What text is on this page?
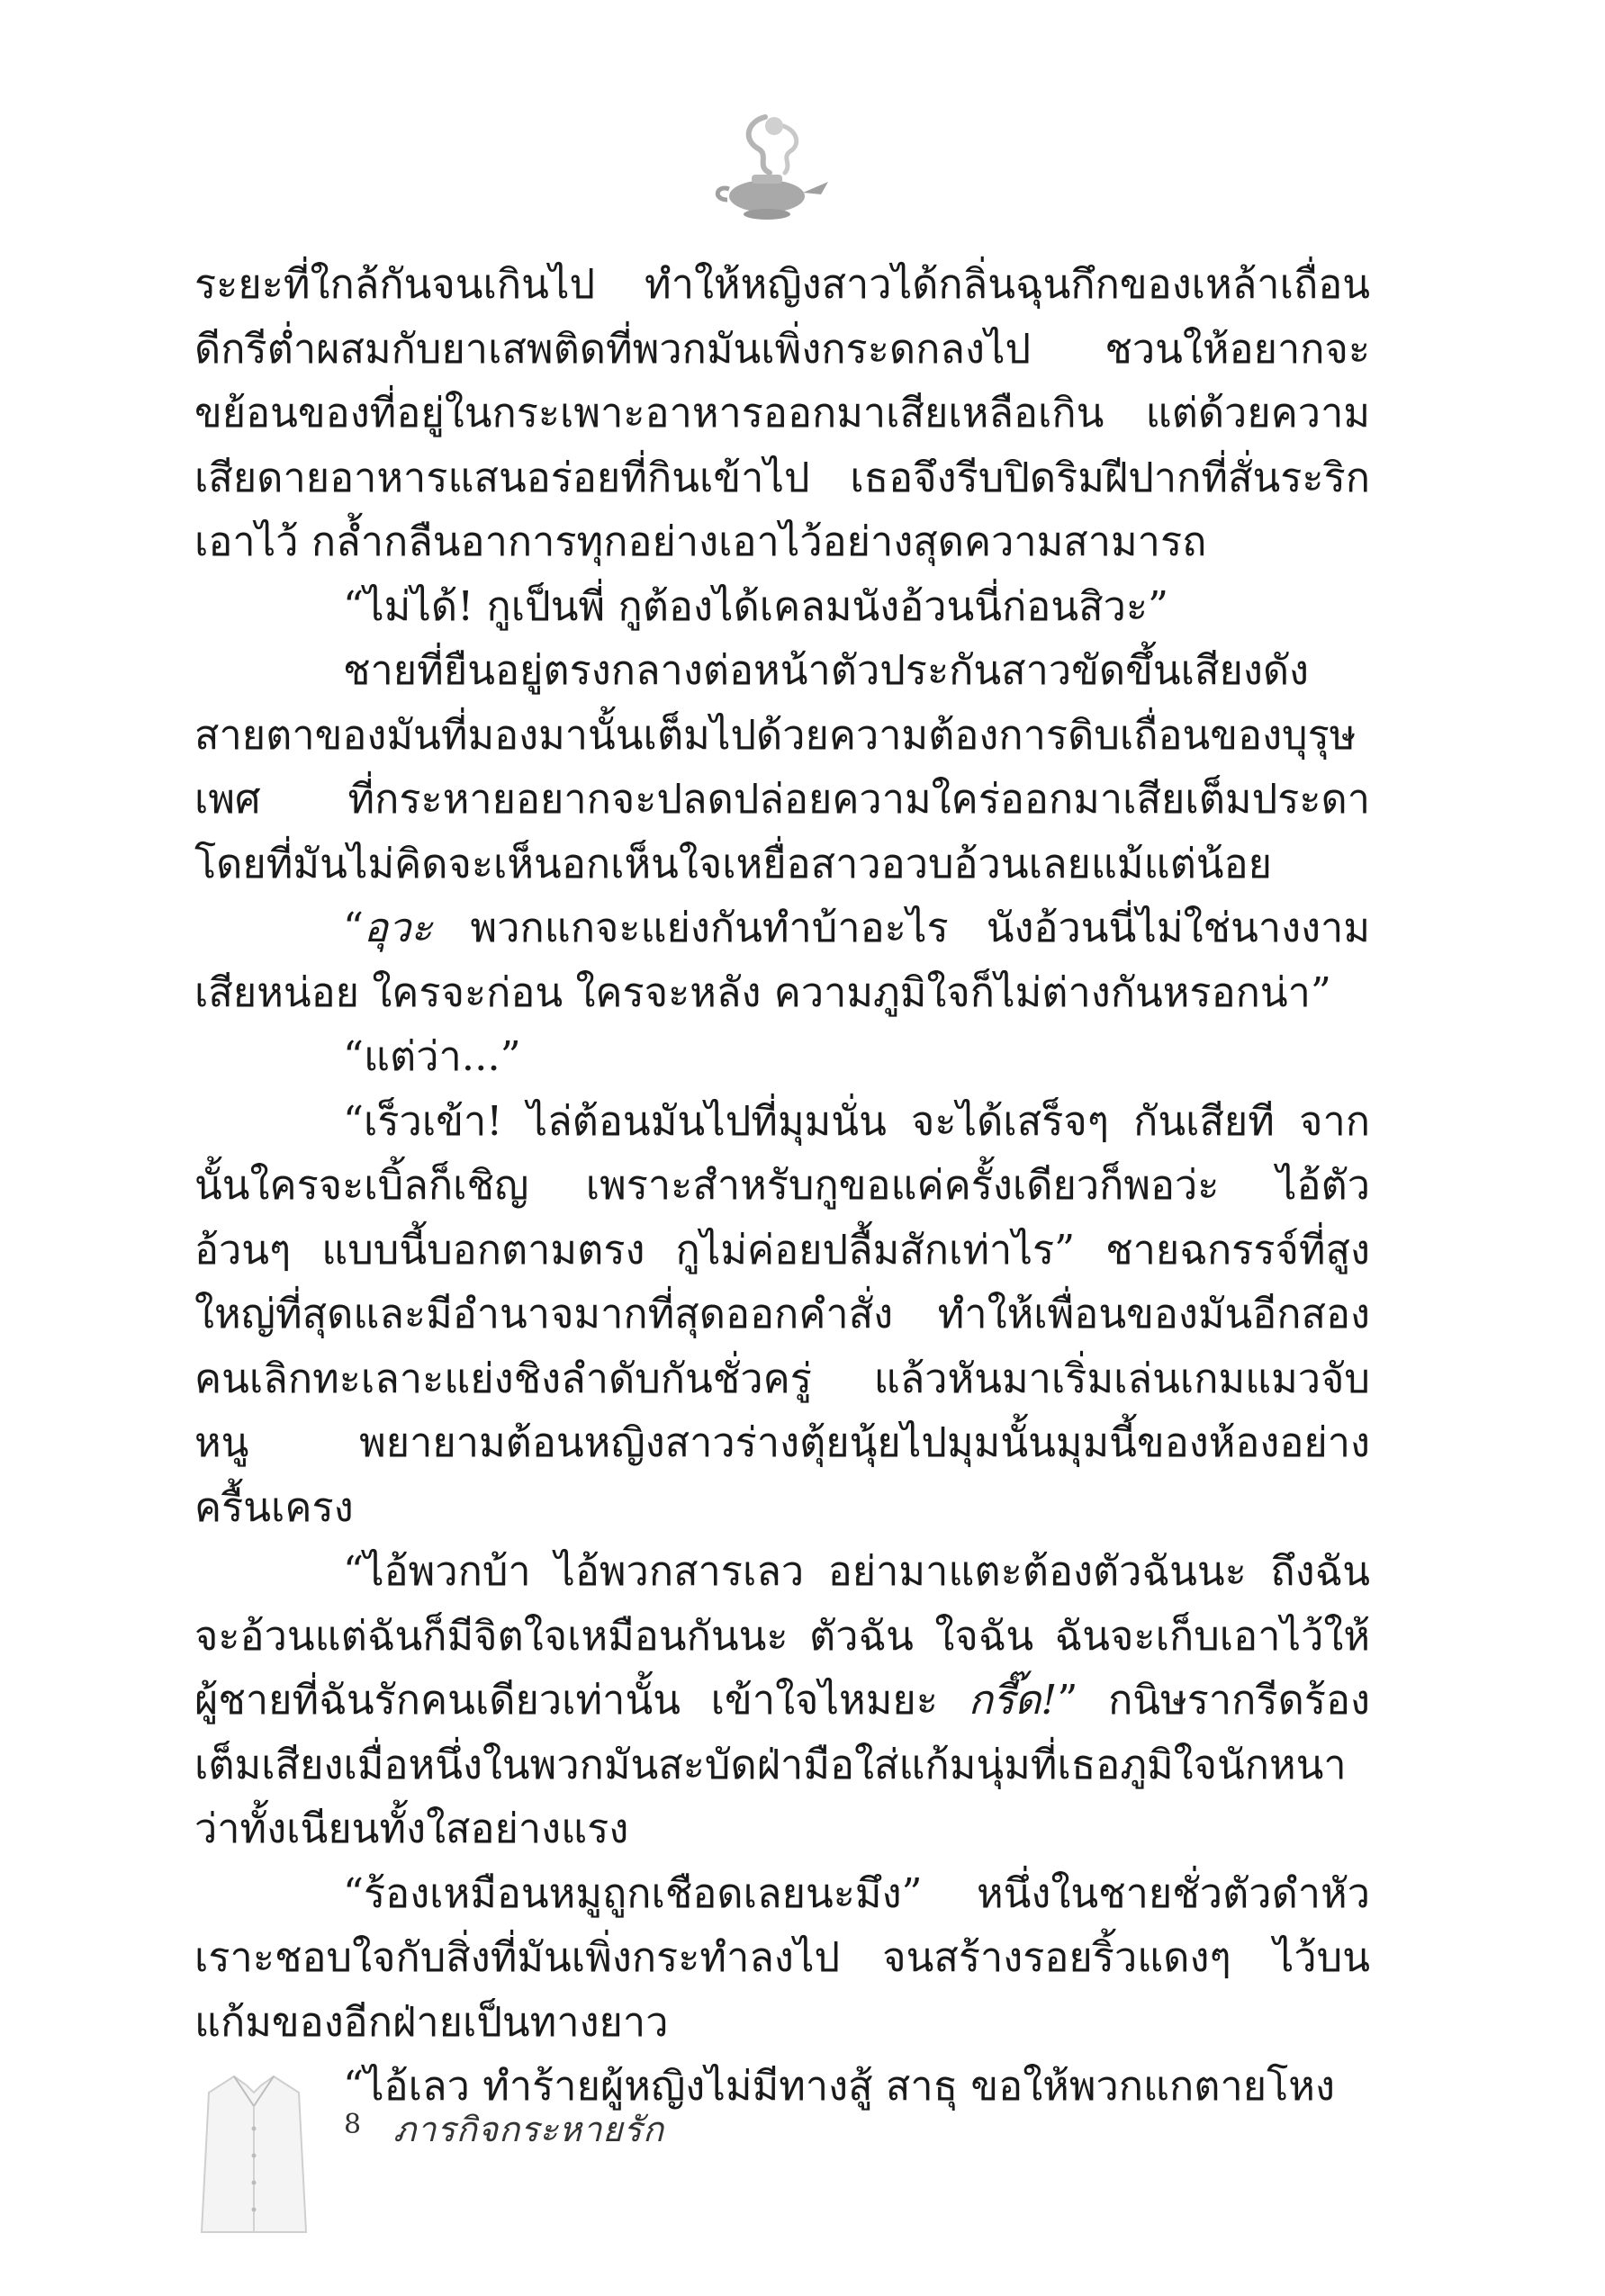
ระยะที่ใกล้กันจนเกินไป ทำให้หญิงสาวได้กลิ่นฉุนกึกของเหล้าเถื่อน ดีกรีต่ำผสมกับยาเสพติดที่พวกมันเพิ่งกระดกลงไป ชวนให้อยากจะขย้อนของที่อยู่ในกระเพาะอาหารออกมาเสียเหลือเกิน แต่ด้วยความเสียดายอาหารแสนอร่อยที่กินเข้าไป เธอจึงรีบปิดริมฝีปากที่สั่นระริกเอาไว้ กล้ำกลืนอาการทุกอย่างเอาไว้อย่างสุดความสามารถ

“ไม่ได้! กูเป็นพี่ กูต้องได้เคลมนังอ้วนนี่ก่อนสิวะ”

ชายที่ยืนอยู่ตรงกลางต่อหน้าตัวประกันสาวขัดขึ้นเสียงดัง สายตาของมันที่มองมานั้นเต็มไปด้วยความต้องการดิบเถื่อนของบุรุษเพศ ที่กระหายอยากจะปลดปล่อยความใคร่ออกมาเสียเต็มประดา โดยที่มันไม่คิดจะเห็นอกเห็นใจเหยื่อสาวอวบอ้วนเลยแม้แต่น้อย

“อุวะ พวกแกจะแย่งกันทำบ้าอะไร นังอ้วนนี่ไม่ใช่นางงามเสียหน่อย ใครจะก่อน ใครจะหลัง ความภูมิใจก็ไม่ต่างกันหรอกน่า”

“แต่ว่า...”

“เร็วเข้า! ไล่ต้อนมันไปที่มุมนั่น จะได้เสร็จๆ กันเสียที จากนั้นใครจะเบิ้ลก็เชิญ เพราะสำหรับกูขอแค่ครั้งเดียวก็พอว่ะ ไอ้ตัวอ้วนๆ แบบนี้บอกตามตรง กูไม่ค่อยปลื้มสักเท่าไร” ชายฉกรรจ์ที่สูงใหญ่ที่สุดและมีอำนาจมากที่สุดออกคำสั่ง ทำให้เพื่อนของมันอีกสองคนเลิกทะเลาะแย่งชิงลำดับกันชั่วครู่ แล้วหันมาเริ่มเล่นเกมแมวจับหนู พยายามต้อนหญิงสาวร่างตุ้ยนุ้ยไปมุมนั้นมุมนี้ของห้องอย่างครื้นเครง

“ไอ้พวกบ้า ไอ้พวกสารเลว อย่ามาแตะต้องตัวฉันนะ ถึงฉันจะอ้วนแต่ฉันก็มีจิตใจเหมือนกันนะ ตัวฉัน ใจฉัน ฉันจะเก็บเอาไว้ให้ผู้ชายที่ฉันรักคนเดียวเท่านั้น เข้าใจไหมยะ กรี๊ด!” กนิษรากรีดร้องเต็มเสียงเมื่อหนึ่งในพวกมันสะบัดฝ่ามือใส่แก้มนุ่มที่เธอภูมิใจนักหนาว่าทั้งเนียนทั้งใสอย่างแรง

“ร้องเหมือนหมูถูกเชือดเลยนะมึง” หนึ่งในชายชั่วตัวดำหัวเราะชอบใจกับสิ่งที่มันเพิ่งกระทำลงไป จนสร้างรอยริ้วแดงๆ ไว้บนแก้มของอีกฝ่ายเป็นทางยาว

“ไอ้เลว ทำร้ายผู้หญิงไม่มีทางสู้ สาธุ ขอให้พวกแกตายโหง

8 ภารกิจกระหายรัก
